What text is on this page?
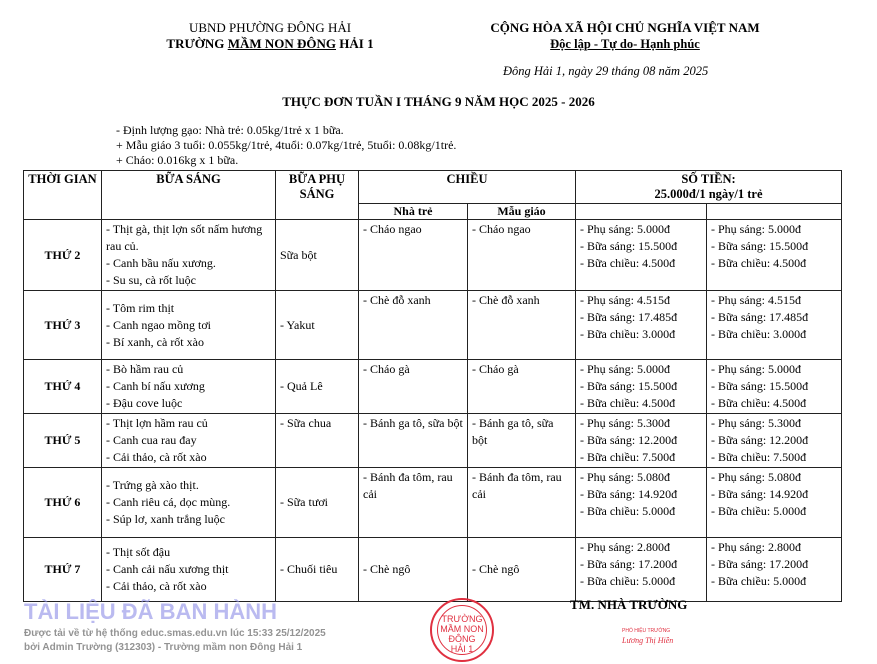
UBND PHƯỜNG ĐÔNG HẢI
TRƯỜNG MẦM NON ĐÔNG HẢI 1
CỘNG HÒA XÃ HỘI CHỦ NGHĨA VIỆT NAM
Độc lập - Tự do- Hạnh phúc
Đông Hải 1, ngày 29 tháng 08 năm 2025
THỰC ĐƠN TUẦN I THÁNG 9 NĂM HỌC 2025 - 2026
- Định lượng gạo: Nhà trẻ: 0.05kg/1trẻ x 1 bữa.
+ Mẫu giáo 3 tuổi: 0.055kg/1trẻ, 4tuổi: 0.07kg/1trẻ, 5tuổi: 0.08kg/1trẻ.
+ Cháo: 0.016kg x 1 bữa.
THỜI GIAN	BỮA SÁNG	BỮA PHỤ SÁNG	CHIỀU		SỐ TIỀN:
25.000đ/1 ngày/1 trẻ	

			Nhà trẻ	Mẫu giáo		
THỨ 2	- Thịt gà, thịt lợn sốt nấm hương rau củ.
- Canh bầu nấu xương.
- Su su, cà rốt luộc	Sữa bột	- Cháo ngao	- Cháo ngao	- Phụ sáng: 5.000đ
- Bữa sáng: 15.500đ
- Bữa chiều: 4.500đ	- Phụ sáng: 5.000đ
- Bữa sáng: 15.500đ
- Bữa chiều: 4.500đ

THỨ 3	- Tôm rim thịt
- Canh ngao mồng tơi
- Bí xanh, cà rốt xào	- Yakut	- Chè đỗ xanh	- Chè đỗ xanh	- Phụ sáng: 4.515đ
- Bữa sáng: 17.485đ
- Bữa chiều: 3.000đ	- Phụ sáng: 4.515đ
- Bữa sáng: 17.485đ
- Bữa chiều: 3.000đ

THỨ 4	- Bò hầm rau củ
- Canh bí nấu xương
- Đậu cove luộc	- Quả Lê	- Cháo gà	- Cháo gà	- Phụ sáng: 5.000đ
- Bữa sáng: 15.500đ
- Bữa chiều: 4.500đ	- Phụ sáng: 5.000đ
- Bữa sáng: 15.500đ
- Bữa chiều: 4.500đ

THỨ 5	- Thịt lợn hầm rau củ
- Canh cua rau đay
- Cải thảo, cà rốt xào	- Sữa chua	- Bánh ga tô, sữa bột	- Bánh ga tô, sữa bột	- Phụ sáng: 5.300đ
- Bữa sáng: 12.200đ
- Bữa chiều: 7.500đ	- Phụ sáng: 5.300đ
- Bữa sáng: 12.200đ
- Bữa chiều: 7.500đ

THỨ 6	- Trứng gà xào thịt.
- Canh riêu cá, dọc mùng.
- Súp lơ, xanh trắng luộc	- Sữa tươi	- Bánh đa tôm, rau cải	- Bánh đa tôm, rau cải	- Phụ sáng: 5.080đ
- Bữa sáng: 14.920đ
- Bữa chiều: 5.000đ	- Phụ sáng: 5.080đ
- Bữa sáng: 14.920đ
- Bữa chiều: 5.000đ

THỨ 7	- Thịt sốt đậu
- Canh cải nấu xương thịt
- Cải thảo, cà rốt xào	- Chuối tiêu	- Chè ngô	- Chè ngô	- Phụ sáng: 2.800đ
- Bữa sáng: 17.200đ
- Bữa chiều: 5.000đ	- Phụ sáng: 2.800đ
- Bữa sáng: 17.200đ
- Bữa chiều: 5.000đ
TÀI LIỆU ĐÃ BAN HÀNH
Được tải về từ hệ thống educ.smas.edu.vn lúc 15:33 25/12/2025
bởi Admin Trường (312303) - Trường mầm non Đông Hải 1
TRƯỜNG MẦM NON ĐÔNG HẢI 1
TM. NHÀ TRƯỜNG
PHÓ HIỆU TRƯỞNG
Lương Thị Hiền
